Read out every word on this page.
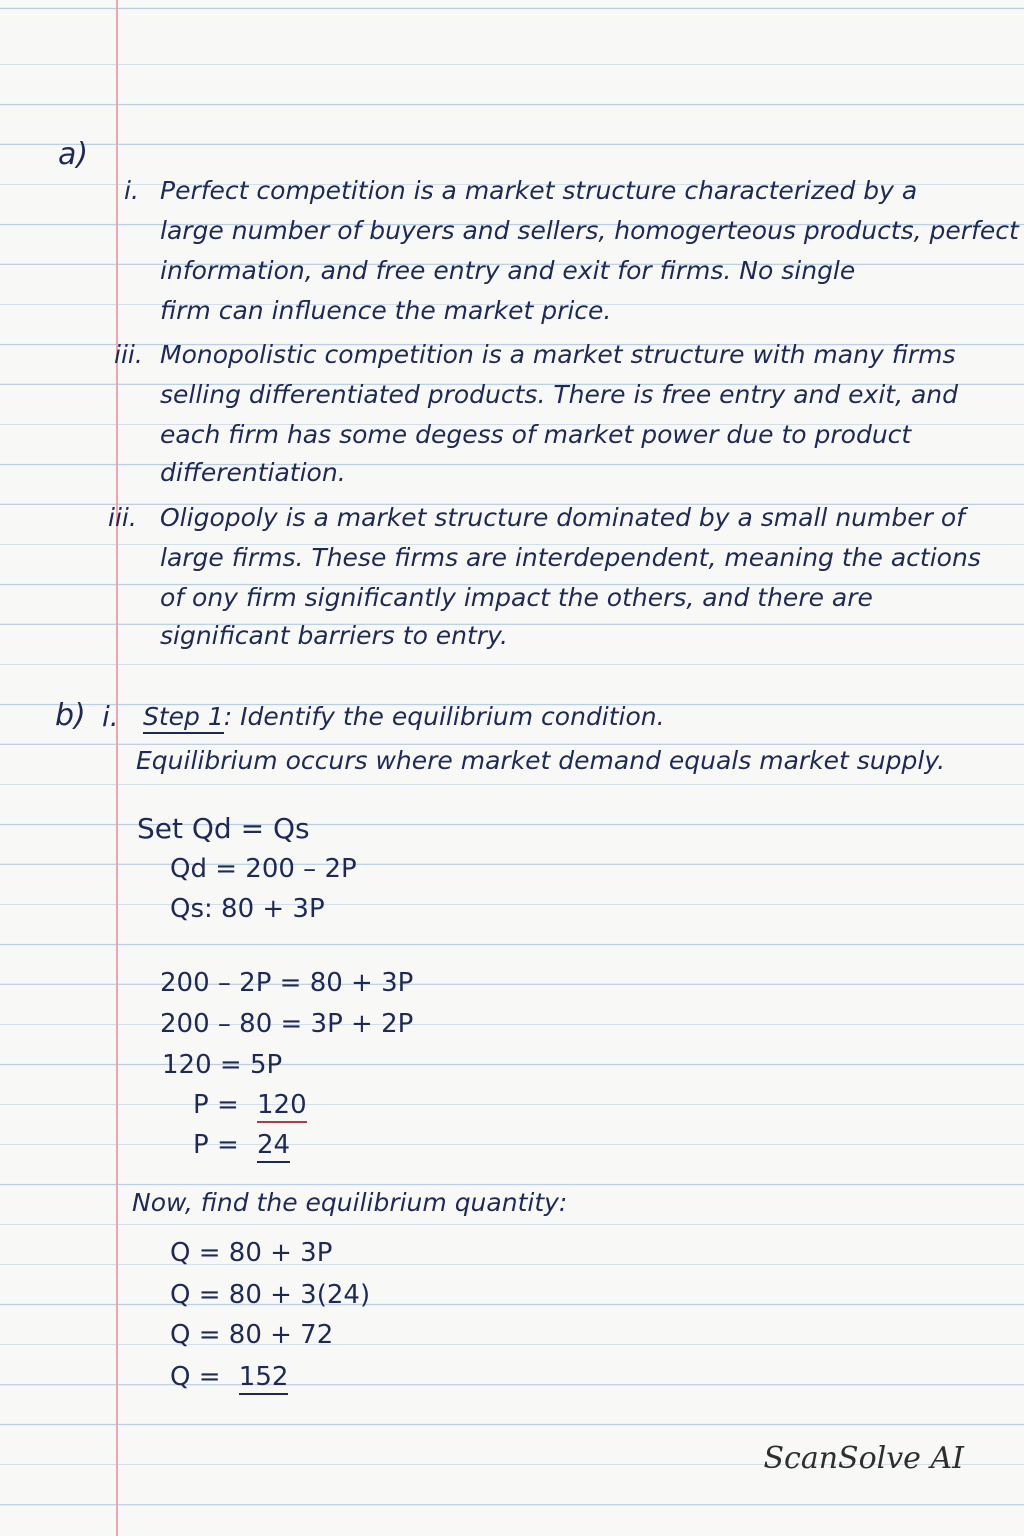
a)
i. Perfect competition is a market structure characterized by a
large number of buyers and sellers, homogerteous products, perfect
information, and free entry and exit for firms. No single
firm can influence the market price.
iii. Monopolistic competition is a market structure with many firms
selling differentiated products. There is free entry and exit, and
each firm has some degess of market power due to product
differentiation.
iii. Oligopoly is a market structure dominated by a small number of
large firms. These firms are interdependent, meaning the actions
of ony firm significantly impact the others, and there are
significant barriers to entry.
b) i. Step 1: Identify the equilibrium condition.
Equilibrium occurs where market demand equals market supply.
Set Qd = Qs
Qd = 200 – 2P
Qs: 80 + 3P
200 – 2P = 80 + 3P
200 – 80 = 3P + 2P
120 = 5P
P = 120
P = 24
Now, find the equilibrium quantity:
Q = 80 + 3P
Q = 80 + 3(24)
Q = 80 + 72
Q = 152
ScanSolve AI
